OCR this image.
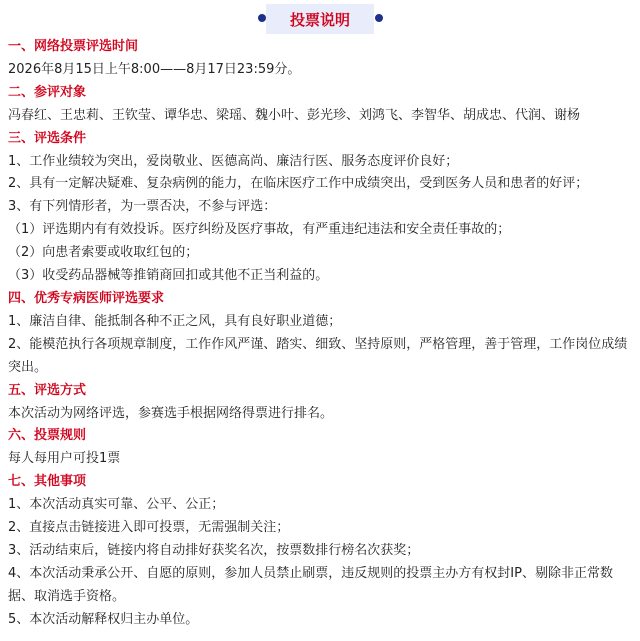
投票说明
一、网络投票评选时间
2026年8月15日上午8:00——8月17日23:59分。
二、参评对象
冯春红、王忠莉、王钦莹、谭华忠、梁瑶、魏小叶、彭光珍、刘鸿飞、李智华、胡成忠、代润、谢杨
三、评选条件
1、工作业绩较为突出，爱岗敬业、医德高尚、廉洁行医、服务态度评价良好；
2、具有一定解决疑难、复杂病例的能力，在临床医疗工作中成绩突出，受到医务人员和患者的好评；
3、有下列情形者，为一票否决，不参与评选：
（1）评选期内有有效投诉。医疗纠纷及医疗事故，有严重违纪违法和安全责任事故的；
（2）向患者索要或收取红包的；
（3）收受药品器械等推销商回扣或其他不正当利益的。
四、优秀专病医师评选要求
1、廉洁自律、能抵制各种不正之风，具有良好职业道德；
2、能模范执行各项规章制度，工作作风严谨、踏实、细致、坚持原则，严格管理，善于管理，工作岗位成绩突出。
五、评选方式
本次活动为网络评选，参赛选手根据网络得票进行排名。
六、投票规则
每人每用户可投1票
七、其他事项
1、本次活动真实可靠、公平、公正；
2、直接点击链接进入即可投票，无需强制关注；
3、活动结束后，链接内将自动排好获奖名次，按票数排行榜名次获奖；
4、本次活动秉承公开、自愿的原则，参加人员禁止刷票，违反规则的投票主办方有权封IP、剔除非正常数据、取消选手资格。
5、本次活动解释权归主办单位。
